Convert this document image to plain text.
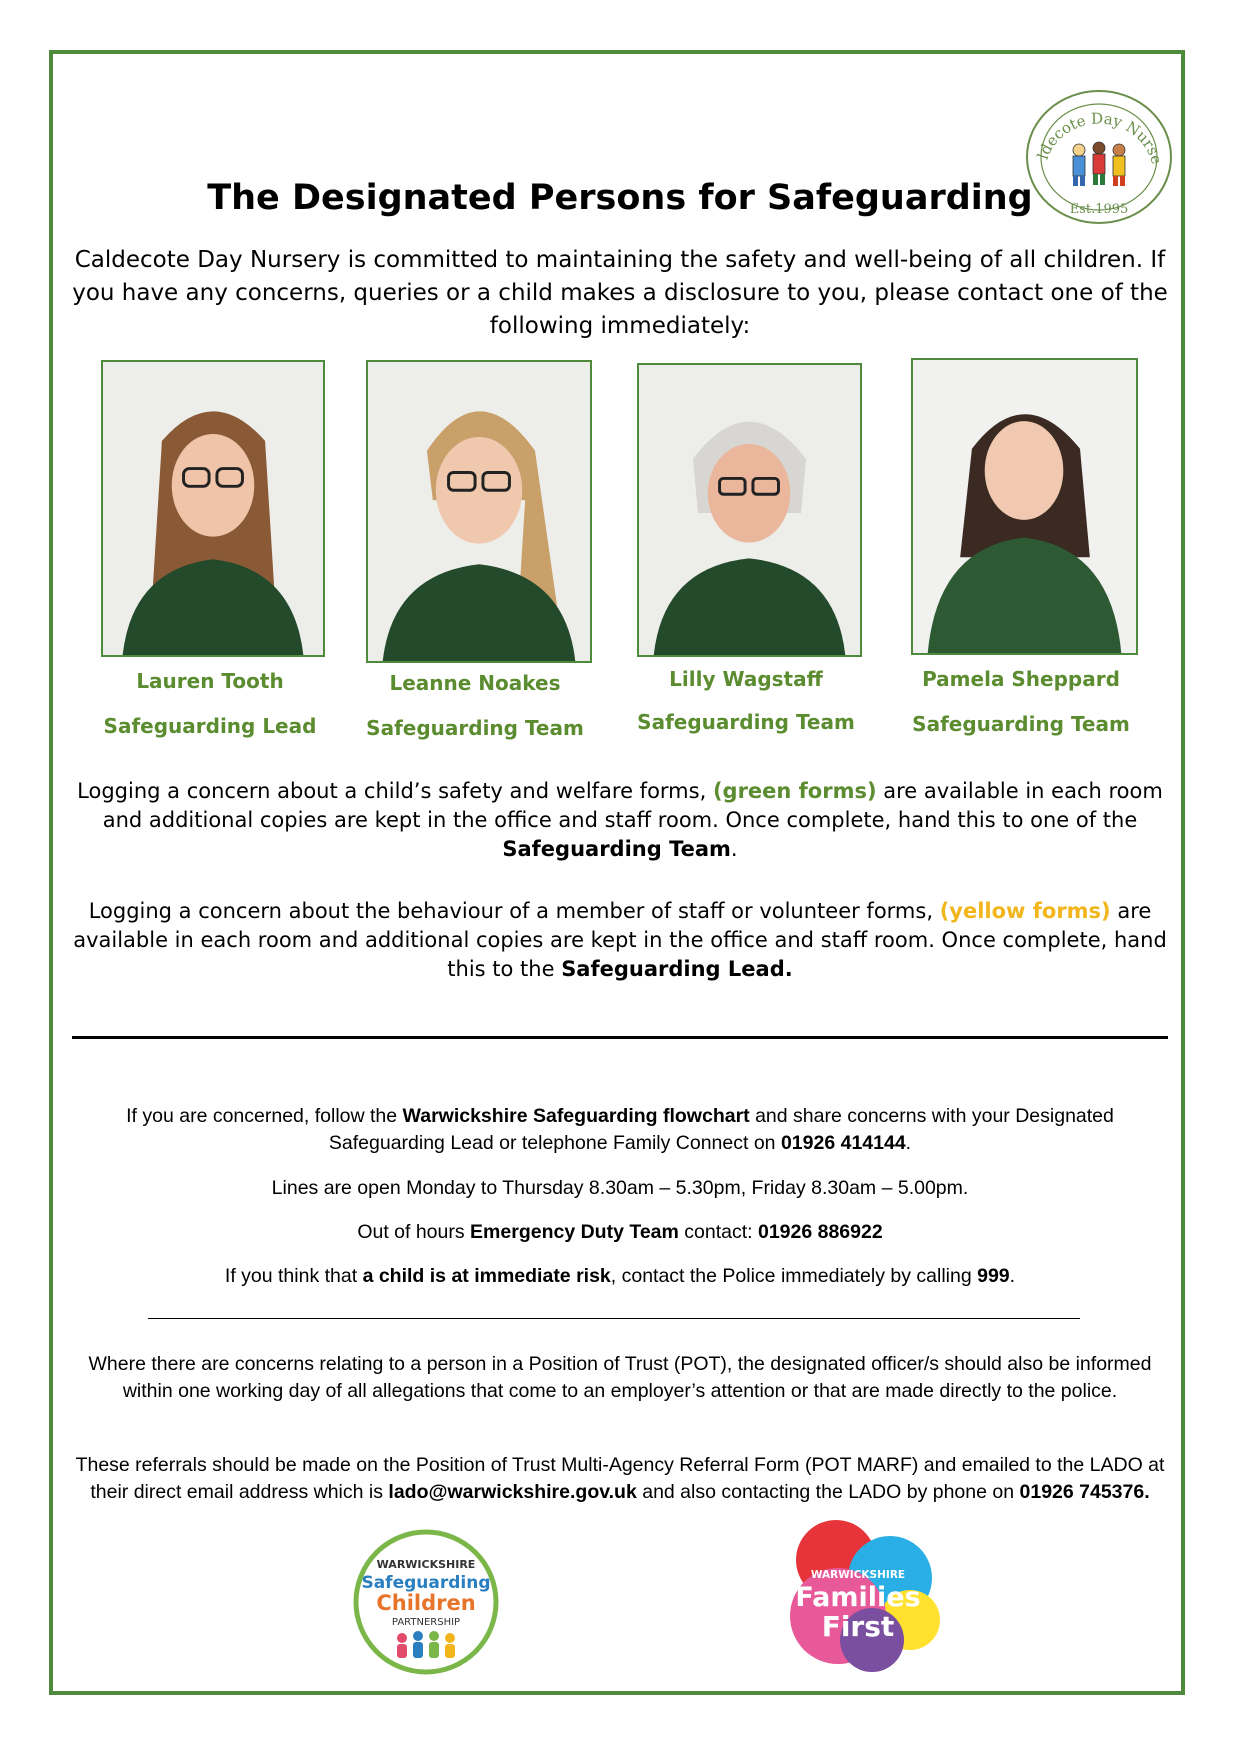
ldecote Day Nurse
Est.1995
The Designated Persons for Safeguarding
Caldecote Day Nursery is committed to maintaining the safety and well-being of all children. If you have any concerns, queries or a child makes a disclosure to you, please contact one of the following immediately:
Lauren Tooth
Safeguarding Lead
Leanne Noakes
Safeguarding Team
Lilly Wagstaff
Safeguarding Team
Pamela Sheppard
Safeguarding Team
Logging a concern about a child’s safety and welfare forms, (green forms) are available in each room and additional copies are kept in the office and staff room. Once complete, hand this to one of the Safeguarding Team.
Logging a concern about the behaviour of a member of staff or volunteer forms, (yellow forms) are available in each room and additional copies are kept in the office and staff room. Once complete, hand this to the Safeguarding Lead.
If you are concerned, follow the Warwickshire Safeguarding flowchart and share concerns with your Designated Safeguarding Lead or telephone Family Connect on 01926 414144.
Lines are open Monday to Thursday 8.30am – 5.30pm, Friday 8.30am – 5.00pm.
Out of hours Emergency Duty Team contact: 01926 886922
If you think that a child is at immediate risk, contact the Police immediately by calling 999.
Where there are concerns relating to a person in a Position of Trust (POT), the designated officer/s should also be informed within one working day of all allegations that come to an employer’s attention or that are made directly to the police.
These referrals should be made on the Position of Trust Multi-Agency Referral Form (POT MARF) and emailed to the LADO at their direct email address which is lado@warwickshire.gov.uk and also contacting the LADO by phone on 01926 745376.
WARWICKSHIRE
Safeguarding
Children
PARTNERSHIP
WARWICKSHIRE
Families
First
